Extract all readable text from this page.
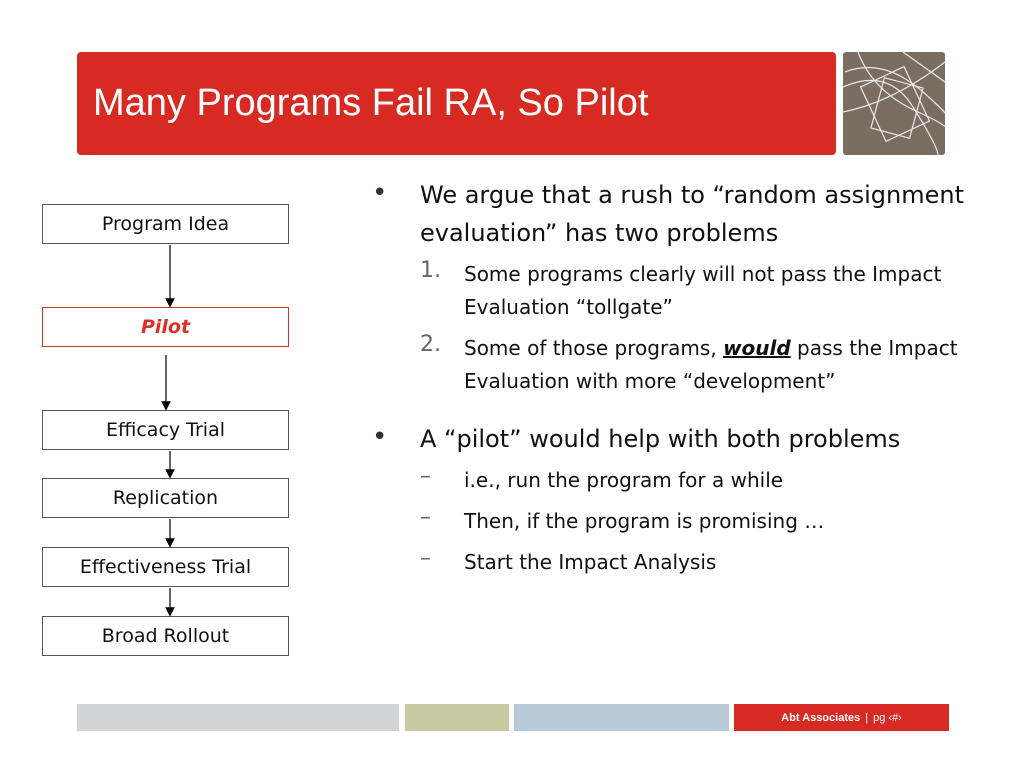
Many Programs Fail RA, So Pilot
Program Idea
Pilot
Efficacy Trial
Replication
Effectiveness Trial
Broad Rollout
• We argue that a rush to “random assignment evaluation” has two problems

1. Some programs clearly will not pass the Impact Evaluation “tollgate”

2. Some of those programs, would pass the Impact Evaluation with more “development”

• A “pilot” would help with both problems

– i.e., run the program for a while

– Then, if the program is promising …

– Start the Impact Analysis

Abt Associates | pg ‹#›
